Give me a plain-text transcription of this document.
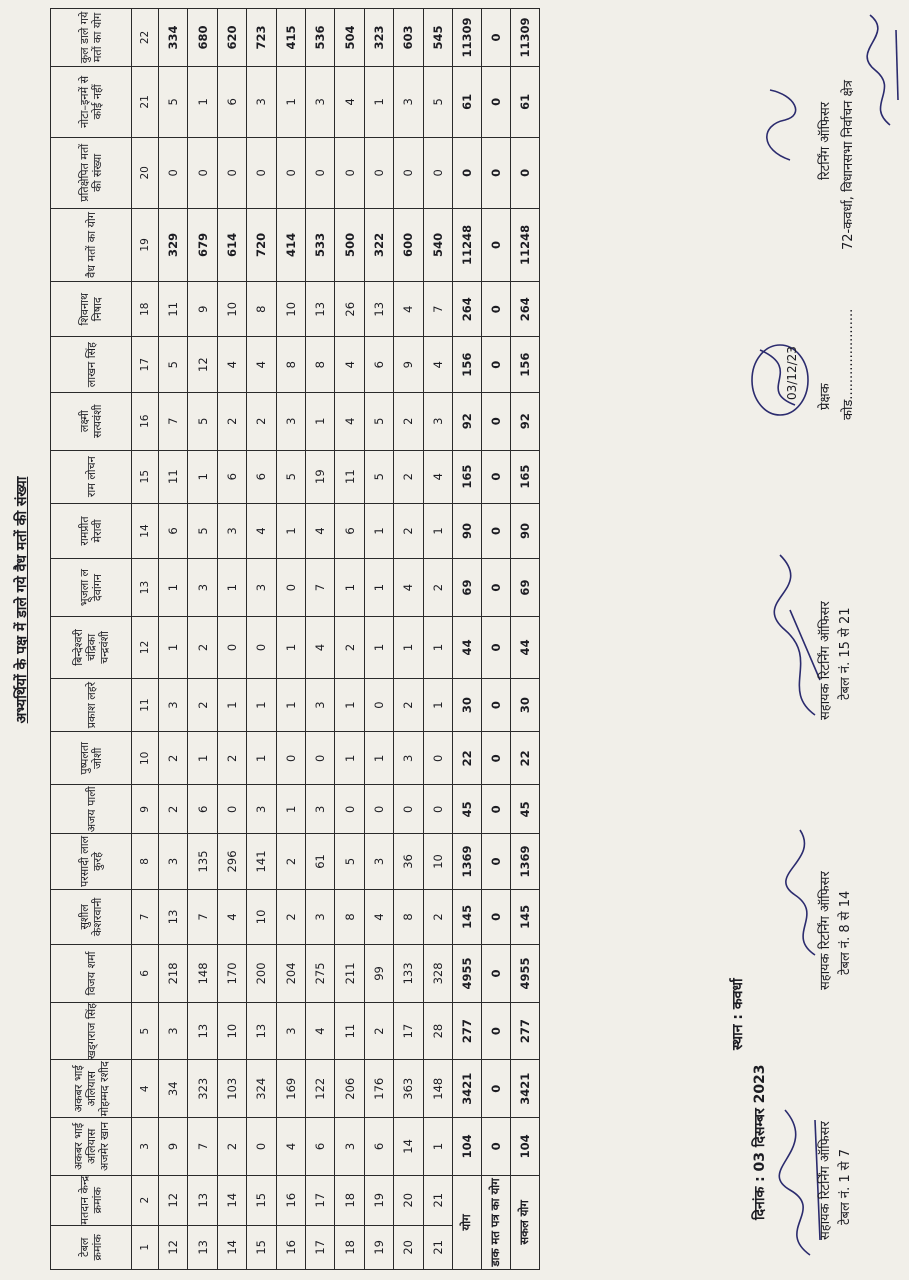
अभ्यर्थियों के पक्ष में डाले गये वैध मतों की संख्या
टेबल क्रमांक	मतदान केन्द्र क्रमांक	अकबर भाई अलियास अजमेर खान	अकबर भाई अलियास मोहम्मद रशीद	खड्गराज सिंह	विजय शर्मा	सुशील केशरवानी	परसादी लाल कुरहे	अजय पाली	पुष्पलता जोशी	प्रकाश लहरे	बिन्देश्वरी चंद्रिका चन्द्रवंशी	भूजला ल देवांगन	रामप्रीत मेरावी	राम लोचन	लक्ष्मी सत्यवंशी	लाखन सिंह	शिवनाथ निषाद	वैध मतों का योग	प्रतिक्षेपित मतों की संख्या	नोटा–इनमें से कोई नहीं	कुल डाले गये मतों का योग
1	2	3	4	5	6	7	8	9	10	11	12	13	14	15	16	17	18	19	20	21	22
12	12	9	34	3	218	13	3	2	2	3	1	1	6	11	7	5	11	329	0	5	334
13	13	7	323	13	148	7	135	6	1	2	2	3	5	1	5	12	9	679	0	1	680
14	14	2	103	10	170	4	296	0	2	1	0	1	3	6	2	4	10	614	0	6	620
15	15	0	324	13	200	10	141	3	1	1	0	3	4	6	2	4	8	720	0	3	723
16	16	4	169	3	204	2	2	1	0	1	1	0	1	5	3	8	10	414	0	1	415
17	17	6	122	4	275	3	61	3	0	3	4	7	4	19	1	8	13	533	0	3	536
18	18	3	206	11	211	8	5	0	1	1	2	1	6	11	4	4	26	500	0	4	504
19	19	6	176	2	99	4	3	0	1	0	1	1	1	5	5	6	13	322	0	1	323
20	20	14	363	17	133	8	36	0	3	2	1	4	2	2	2	9	4	600	0	3	603
21	21	1	148	28	328	2	10	0	0	1	1	2	1	4	3	4	7	540	0	5	545
योग		104	3421	277	4955	145	1369	45	22	30	44	69	90	165	92	156	264	11248	0	61	11309
डाक मत पत्र का योग		0	0	0	0	0	0	0	0	0	0	0	0	0	0	0	0	0	0	0	0
सकल योग		104	3421	277	4955	145	1369	45	22	30	44	69	90	165	92	156	264	11248	0	61	11309
स्थान : कवर्धा
दिनांक : 03 दिसम्बर 2023	सहायक रिटर्निंग ऑफिसर टेबल नं. 1 से 7
सहायक रिटर्निंग ऑफिसर टेबल नं. 8 से 14
सहायक रिटर्निंग ऑफिसर टेबल नं. 15 से 21
03/12/23 प्रेक्षक कोड......................
रिटर्निंग ऑफिसर 72-कवर्धा, विधानसभा निर्वाचन क्षेत्र
